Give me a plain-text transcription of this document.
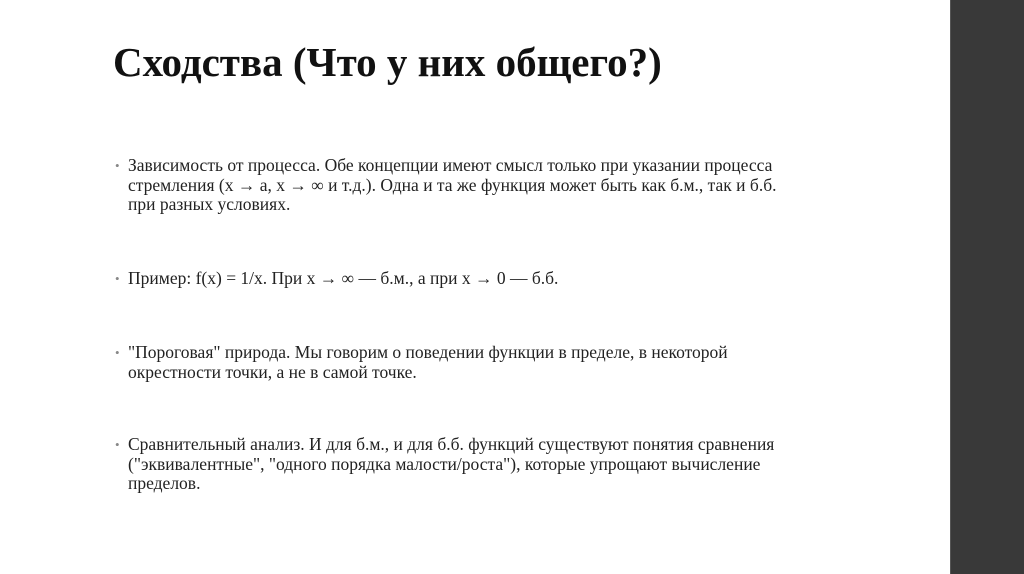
Сходства (Что у них общего?)
• Зависимость от процесса. Обе концепции имеют смысл только при указании процесса стремления (x → a, x → ∞ и т.д.). Одна и та же функция может быть как б.м., так и б.б. при разных условиях.
• Пример: f(x) = 1/x. При x → ∞ — б.м., а при x → 0 — б.б.
• "Пороговая" природа. Мы говорим о поведении функции в пределе, в некоторой окрестности точки, а не в самой точке.
• Сравнительный анализ. И для б.м., и для б.б. функций существуют понятия сравнения ("эквивалентные", "одного порядка малости/роста"), которые упрощают вычисление пределов.
